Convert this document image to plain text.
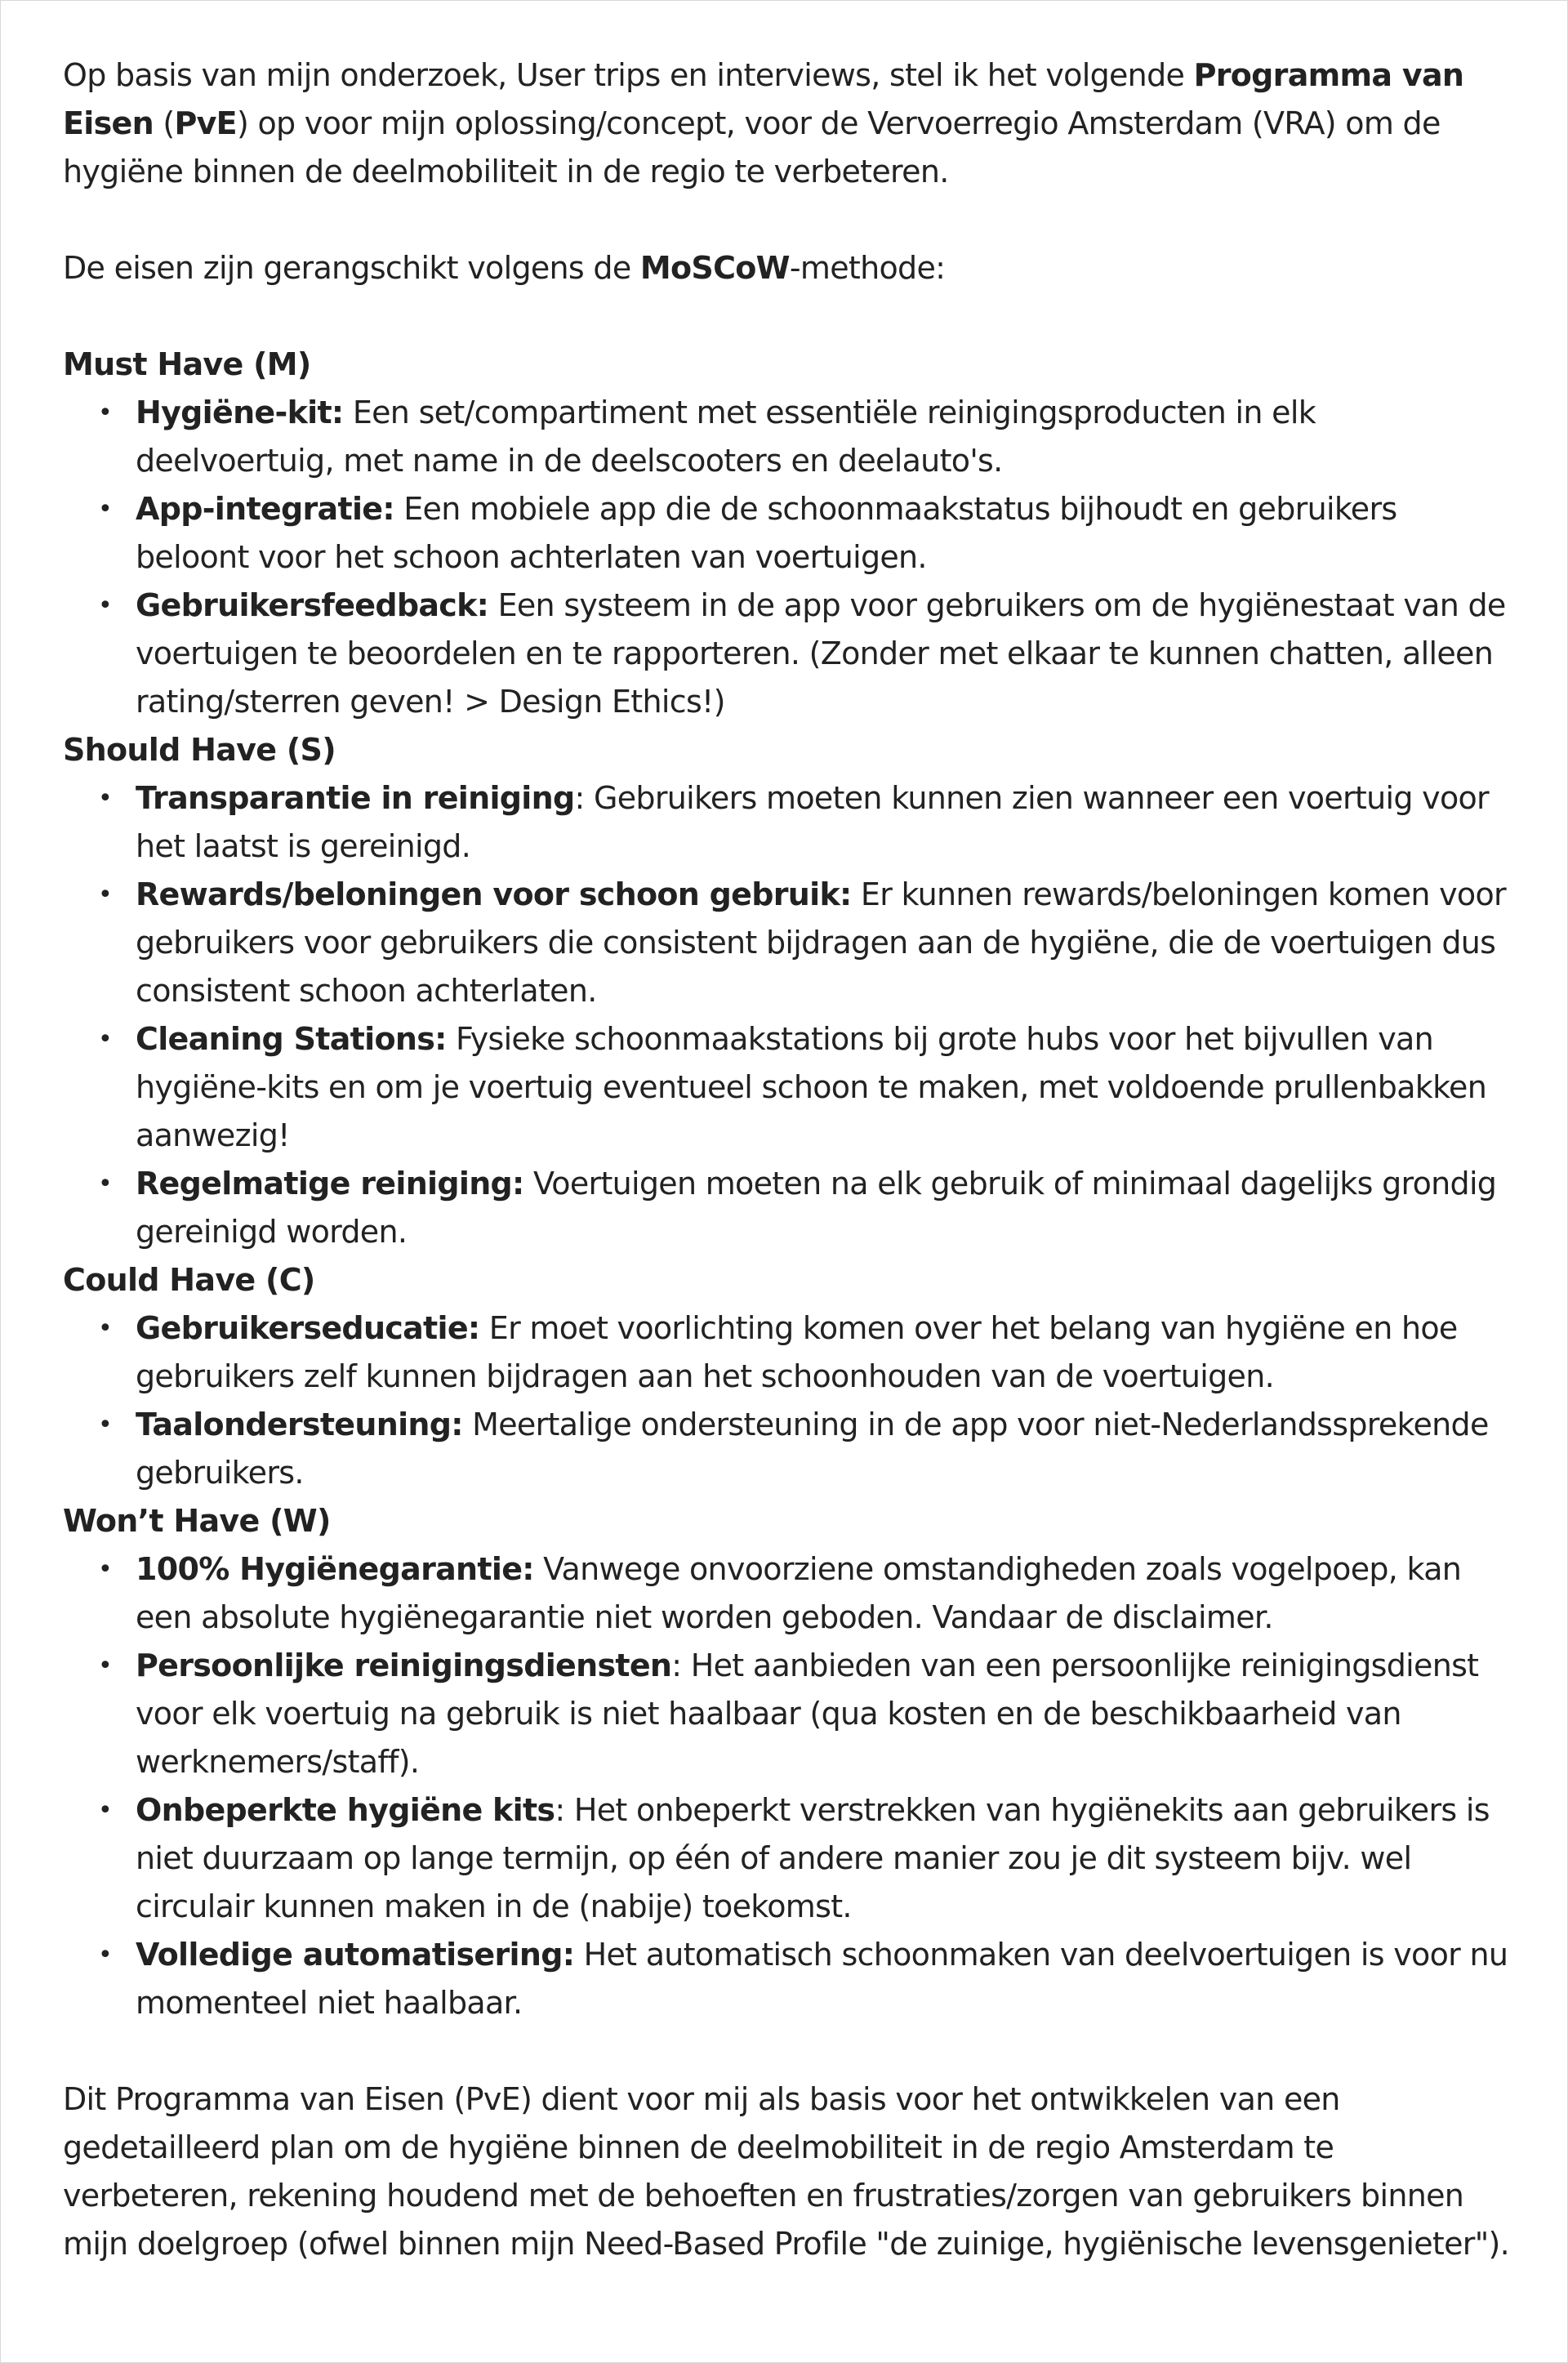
Op basis van mijn onderzoek, User trips en interviews, stel ik het volgende Programma van Eisen (PvE) op voor mijn oplossing/concept, voor de Vervoerregio Amsterdam (VRA) om de hygiëne binnen de deelmobiliteit in de regio te verbeteren.

De eisen zijn gerangschikt volgens de MoSCoW-methode:

Must Have (M)

• Hygiëne-kit: Een set/compartiment met essentiële reinigingsproducten in elk deelvoertuig, met name in de deelscooters en deelauto's.
• App-integratie: Een mobiele app die de schoonmaakstatus bijhoudt en gebruikers beloont voor het schoon achterlaten van voertuigen.
• Gebruikersfeedback: Een systeem in de app voor gebruikers om de hygiënestaat van de voertuigen te beoordelen en te rapporteren. (Zonder met elkaar te kunnen chatten, alleen rating/sterren geven! > Design Ethics!)

Should Have (S)

• Transparantie in reiniging: Gebruikers moeten kunnen zien wanneer een voertuig voor het laatst is gereinigd.
• Rewards/beloningen voor schoon gebruik: Er kunnen rewards/beloningen komen voor gebruikers voor gebruikers die consistent bijdragen aan de hygiëne, die de voertuigen dus consistent schoon achterlaten.
• Cleaning Stations: Fysieke schoonmaakstations bij grote hubs voor het bijvullen van hygiëne-kits en om je voertuig eventueel schoon te maken, met voldoende prullenbakken aanwezig!
• Regelmatige reiniging: Voertuigen moeten na elk gebruik of minimaal dagelijks grondig gereinigd worden.

Could Have (C)

• Gebruikerseducatie: Er moet voorlichting komen over het belang van hygiëne en hoe gebruikers zelf kunnen bijdragen aan het schoonhouden van de voertuigen.
• Taalondersteuning: Meertalige ondersteuning in de app voor niet-Nederlandssprekende gebruikers.

Won’t Have (W)

• 100% Hygiënegarantie: Vanwege onvoorziene omstandigheden zoals vogelpoep, kan een absolute hygiënegarantie niet worden geboden. Vandaar de disclaimer.
• Persoonlijke reinigingsdiensten: Het aanbieden van een persoonlijke reinigingsdienst voor elk voertuig na gebruik is niet haalbaar (qua kosten en de beschikbaarheid van werknemers/staff).
• Onbeperkte hygiëne kits: Het onbeperkt verstrekken van hygiënekits aan gebruikers is niet duurzaam op lange termijn, op één of andere manier zou je dit systeem bijv. wel circulair kunnen maken in de (nabije) toekomst.
• Volledige automatisering: Het automatisch schoonmaken van deelvoertuigen is voor nu momenteel niet haalbaar.

Dit Programma van Eisen (PvE) dient voor mij als basis voor het ontwikkelen van een gedetailleerd plan om de hygiëne binnen de deelmobiliteit in de regio Amsterdam te verbeteren, rekening houdend met de behoeften en frustraties/zorgen van gebruikers binnen mijn doelgroep (ofwel binnen mijn Need-Based Profile "de zuinige, hygiënische levensgenieter").
